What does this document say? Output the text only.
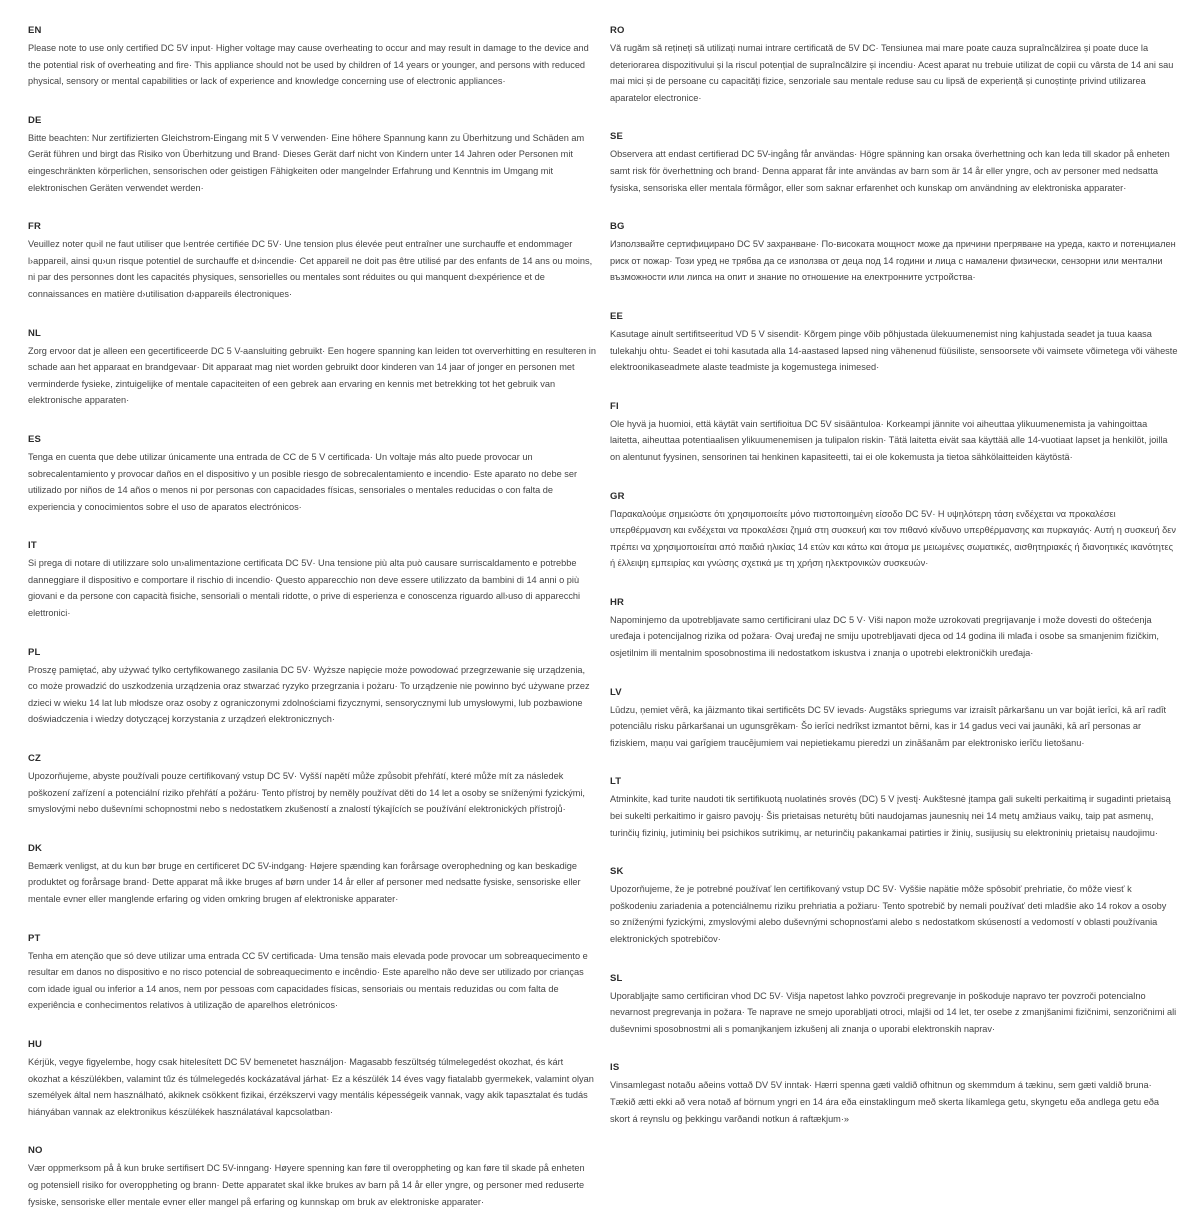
EN

Please note to use only certified DC 5V input· Higher voltage may cause overheating to occur and may result in damage to the device and the potential risk of overheating and fire· This appliance should not be used by children of 14 years or younger, and persons with reduced physical, sensory or mental capabilities or lack of experience and knowledge concerning use of electronic appliances·

DE

Bitte beachten: Nur zertifizierten Gleichstrom-Eingang mit 5 V verwenden· Eine höhere Spannung kann zu Überhitzung und Schäden am Gerät führen und birgt das Risiko von Überhitzung und Brand· Dieses Gerät darf nicht von Kindern unter 14 Jahren oder Personen mit eingeschränkten körperlichen, sensorischen oder geistigen Fähigkeiten oder mangelnder Erfahrung und Kenntnis im Umgang mit elektronischen Geräten verwendet werden·

FR

Veuillez noter qu›il ne faut utiliser que l›entrée certifiée DC 5V· Une tension plus élevée peut entraîner une surchauffe et endommager l›appareil, ainsi qu›un risque potentiel de surchauffe et d›incendie· Cet appareil ne doit pas être utilisé par des enfants de 14 ans ou moins, ni par des personnes dont les capacités physiques, sensorielles ou mentales sont réduites ou qui manquent d›expérience et de connaissances en matière d›utilisation d›appareils électroniques·

NL

Zorg ervoor dat je alleen een gecertificeerde DC 5 V-aansluiting gebruikt· Een hogere spanning kan leiden tot oververhitting en resulteren in schade aan het apparaat en brandgevaar· Dit apparaat mag niet worden gebruikt door kinderen van 14 jaar of jonger en personen met verminderde fysieke, zintuigelijke of mentale capaciteiten of een gebrek aan ervaring en kennis met betrekking tot het gebruik van elektronische apparaten·

ES

Tenga en cuenta que debe utilizar únicamente una entrada de CC de 5 V certificada· Un voltaje más alto puede provocar un sobrecalentamiento y provocar daños en el dispositivo y un posible riesgo de sobrecalentamiento e incendio· Este aparato no debe ser utilizado por niños de 14 años o menos ni por personas con capacidades físicas, sensoriales o mentales reducidas o con falta de experiencia y conocimientos sobre el uso de aparatos electrónicos·

IT

Si prega di notare di utilizzare solo un›alimentazione certificata DC 5V· Una tensione più alta può causare surriscaldamento e potrebbe danneggiare il dispositivo e comportare il rischio di incendio· Questo apparecchio non deve essere utilizzato da bambini di 14 anni o più giovani e da persone con capacità fisiche, sensoriali o mentali ridotte, o prive di esperienza e conoscenza riguardo all›uso di apparecchi elettronici·

PL

Proszę pamiętać, aby używać tylko certyfikowanego zasilania DC 5V· Wyższe napięcie może powodować przegrzewanie się urządzenia, co może prowadzić do uszkodzenia urządzenia oraz stwarzać ryzyko przegrzania i pożaru· To urządzenie nie powinno być używane przez dzieci w wieku 14 lat lub młodsze oraz osoby z ograniczonymi zdolnościami fizycznymi, sensorycznymi lub umysłowymi, lub pozbawione doświadczenia i wiedzy dotyczącej korzystania z urządzeń elektronicznych·

CZ

Upozorňujeme, abyste používali pouze certifikovaný vstup DC 5V· Vyšší napětí může způsobit přehřátí, které může mít za následek poškození zařízení a potenciální riziko přehřátí a požáru· Tento přístroj by neměly používat děti do 14 let a osoby se sníženými fyzickými, smyslovými nebo duševními schopnostmi nebo s nedostatkem zkušeností a znalostí týkajících se používání elektronických přístrojů·

DK

Bemærk venligst, at du kun bør bruge en certificeret DC 5V-indgang· Højere spænding kan forårsage overophedning og kan beskadige produktet og forårsage brand· Dette apparat må ikke bruges af børn under 14 år eller af personer med nedsatte fysiske, sensoriske eller mentale evner eller manglende erfaring og viden omkring brugen af elektroniske apparater·

PT

Tenha em atenção que só deve utilizar uma entrada CC 5V certificada· Uma tensão mais elevada pode provocar um sobreaquecimento e resultar em danos no dispositivo e no risco potencial de sobreaquecimento e incêndio· Este aparelho não deve ser utilizado por crianças com idade igual ou inferior a 14 anos, nem por pessoas com capacidades físicas, sensoriais ou mentais reduzidas ou com falta de experiência e conhecimentos relativos à utilização de aparelhos eletrónicos·

HU

Kérjük, vegye figyelembe, hogy csak hitelesített DC 5V bemenetet használjon· Magasabb feszültség túlmelegedést okozhat, és kárt okozhat a készülékben, valamint tűz és túlmelegedés kockázatával járhat· Ez a készülék 14 éves vagy fiatalabb gyermekek, valamint olyan személyek által nem használható, akiknek csökkent fizikai, érzékszervi vagy mentális képességeik vannak, vagy akik tapasztalat és tudás hiányában vannak az elektronikus készülékek használatával kapcsolatban·

NO

Vær oppmerksom på å kun bruke sertifisert DC 5V-inngang· Høyere spenning kan føre til overoppheting og kan føre til skade på enheten og potensiell risiko for overoppheting og brann· Dette apparatet skal ikke brukes av barn på 14 år eller yngre, og personer med reduserte fysiske, sensoriske eller mentale evner eller mangel på erfaring og kunnskap om bruk av elektroniske apparater·

RO

Vă rugăm să rețineți să utilizați numai intrare certificată de 5V DC· Tensiunea mai mare poate cauza supraîncălzirea și poate duce la deteriorarea dispozitivului și la riscul potențial de supraîncălzire și incendiu· Acest aparat nu trebuie utilizat de copii cu vârsta de 14 ani sau mai mici și de persoane cu capacități fizice, senzoriale sau mentale reduse sau cu lipsă de experiență și cunoștințe privind utilizarea aparatelor electronice·

SE

Observera att endast certifierad DC 5V-ingång får användas· Högre spänning kan orsaka överhettning och kan leda till skador på enheten samt risk för överhettning och brand· Denna apparat får inte användas av barn som är 14 år eller yngre, och av personer med nedsatta fysiska, sensoriska eller mentala förmågor, eller som saknar erfarenhet och kunskap om användning av elektroniska apparater·

BG

Използвайте сертифицирано DC 5V захранване· По-високата мощност може да причини прегряване на уреда, както и потенциален риск от пожар· Този уред не трябва да се използва от деца под 14 години и лица с намалени физически, сензорни или ментални възможности или липса на опит и знание по отношение на електронните устройства·

EE

Kasutage ainult sertifitseeritud VD 5 V sisendit· Kõrgem pinge võib põhjustada ülekuumenemist ning kahjustada seadet ja tuua kaasa tulekahju ohtu· Seadet ei tohi kasutada alla 14-aastased lapsed ning vähenenud füüsiliste, sensoorsete või vaimsete võimetega või väheste elektroonikaseadmete alaste teadmiste ja kogemustega inimesed·

FI

Ole hyvä ja huomioi, että käytät vain sertifioitua DC 5V sisääntuloa· Korkeampi jännite voi aiheuttaa ylikuumenemista ja vahingoittaa laitetta, aiheuttaa potentiaalisen ylikuumenemisen ja tulipalon riskin· Tätä laitetta eivät saa käyttää alle 14-vuotiaat lapset ja henkilöt, joilla on alentunut fyysinen, sensorinen tai henkinen kapasiteetti, tai ei ole kokemusta ja tietoa sähkölaitteiden käytöstä·

GR

Παρακαλούμε σημειώστε ότι χρησιμοποιείτε μόνο πιστοποιημένη είσοδο DC 5V· Η υψηλότερη τάση ενδέχεται να προκαλέσει υπερθέρμανση και ενδέχεται να προκαλέσει ζημιά στη συσκευή και τον πιθανό κίνδυνο υπερθέρμανσης και πυρκαγιάς· Αυτή η συσκευή δεν πρέπει να χρησιμοποιείται από παιδιά ηλικίας 14 ετών και κάτω και άτομα με μειωμένες σωματικές, αισθητηριακές ή διανοητικές ικανότητες ή έλλειψη εμπειρίας και γνώσης σχετικά με τη χρήση ηλεκτρονικών συσκευών·

HR

Napominjemo da upotrebljavate samo certificirani ulaz DC 5 V· Viši napon može uzrokovati pregrijavanje i može dovesti do oštećenja uređaja i potencijalnog rizika od požara· Ovaj uređaj ne smiju upotrebljavati djeca od 14 godina ili mlađa i osobe sa smanjenim fizičkim, osjetilnim ili mentalnim sposobnostima ili nedostatkom iskustva i znanja o upotrebi elektroničkih uređaja·

LV

Lūdzu, ņemiet vērā, ka jāizmanto tikai sertificēts DC 5V ievads· Augstāks spriegums var izraisīt pārkaršanu un var bojāt ierīci, kā arī radīt potenciālu risku pārkaršanai un ugunsgrēkam· Šo ierīci nedrīkst izmantot bērni, kas ir 14 gadus veci vai jaunāki, kā arī personas ar fiziskiem, maņu vai garīgiem traucējumiem vai nepietiekamu pieredzi un zināšanām par elektronisko ierīču lietošanu·

LT

Atminkite, kad turite naudoti tik sertifikuotą nuolatinės srovės (DC) 5 V įvestį· Aukštesnė įtampa gali sukelti perkaitimą ir sugadinti prietaisą bei sukelti perkaitimo ir gaisro pavojų· Šis prietaisas neturėtų būti naudojamas jaunesnių nei 14 metų amžiaus vaikų, taip pat asmenų, turinčių fizinių, jutiminių bei psichikos sutrikimų, ar neturinčių pakankamai patirties ir žinių, susijusių su elektroninių prietaisų naudojimu·

SK

Upozorňujeme, že je potrebné používať len certifikovaný vstup DC 5V· Vyššie napätie môže spôsobiť prehriatie, čo môže viesť k poškodeniu zariadenia a potenciálnemu riziku prehriatia a požiaru· Tento spotrebič by nemali používať deti mladšie ako 14 rokov a osoby so zníženými fyzickými, zmyslovými alebo duševnými schopnosťami alebo s nedostatkom skúseností a vedomostí v oblasti používania elektronických spotrebičov·

SL

Uporabljajte samo certificiran vhod DC 5V· Višja napetost lahko povzroči pregrevanje in poškoduje napravo ter povzroči potencialno nevarnost pregrevanja in požara· Te naprave ne smejo uporabljati otroci, mlajši od 14 let, ter osebe z zmanjšanimi fizičnimi, senzoričnimi ali duševnimi sposobnostmi ali s pomanjkanjem izkušenj ali znanja o uporabi elektronskih naprav·

IS

Vinsamlegast notaðu aðeins vottað DV 5V inntak· Hærri spenna gæti valdið ofhitnun og skemmdum á tækinu, sem gæti valdið bruna· Tækið ætti ekki að vera notað af börnum yngri en 14 ára eða einstaklingum með skerta líkamlega getu, skyngetu eða andlega getu eða skort á reynslu og þekkingu varðandi notkun á raftækjum·»
